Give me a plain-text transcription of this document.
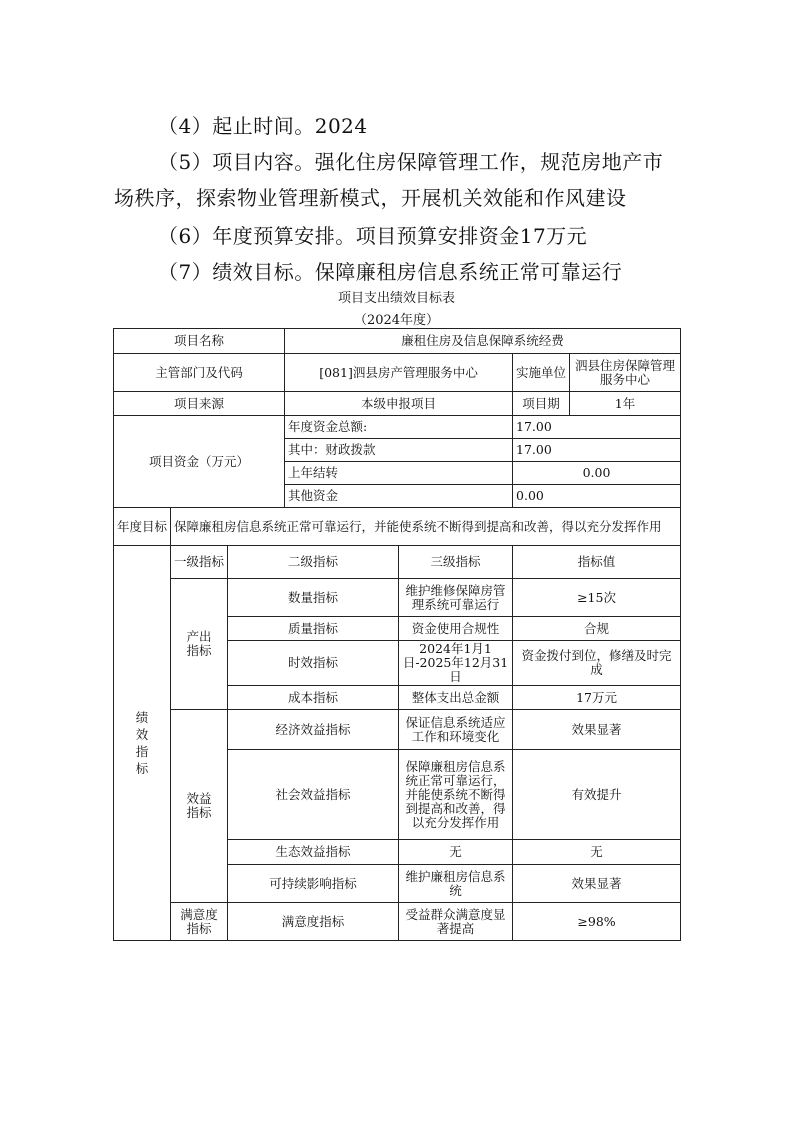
（4）起止时间。2024
（5）项目内容。强化住房保障管理工作，规范房地产市
场秩序，探索物业管理新模式，开展机关效能和作风建设
（6）年度预算安排。项目预算安排资金17万元
（7）绩效目标。保障廉租房信息系统正常可靠运行
项目支出绩效目标表
（2024年度）
项目名称			廉租住房及信息保障系统经费			
主管部门及代码			[081]泗县房产管理服务中心		实施单位	泗县住房保障管理服务中心
项目来源			本级申报项目		项目期	1年
项目资金（万元）			年度资金总额:		17.00	
			其中：财政拨款		17.00	
			上年结转		0.00	
			其他资金		0.00	
年度目标	保障廉租房信息系统正常可靠运行，并能使系统不断得到提高和改善，得以充分发挥作用					
绩效指标	一级指标	二级指标		三级指标	指标值	
	产出指标	数量指标		维护维修保障房管理系统可靠运行	≥15次	
		质量指标		资金使用合规性	合规	
		时效指标		2024年1月1日-2025年12月31日	资金拨付到位，修缮及时完成	
		成本指标		整体支出总金额	17万元	
	效益指标	经济效益指标		保证信息系统适应工作和环境变化	效果显著	
		社会效益指标		保障廉租房信息系统正常可靠运行，并能使系统不断得到提高和改善，得以充分发挥作用	有效提升	
		生态效益指标		无	无	
		可持续影响指标		维护廉租房信息系统	效果显著	
	满意度指标	满意度指标		受益群众满意度显著提高	≥98%	
